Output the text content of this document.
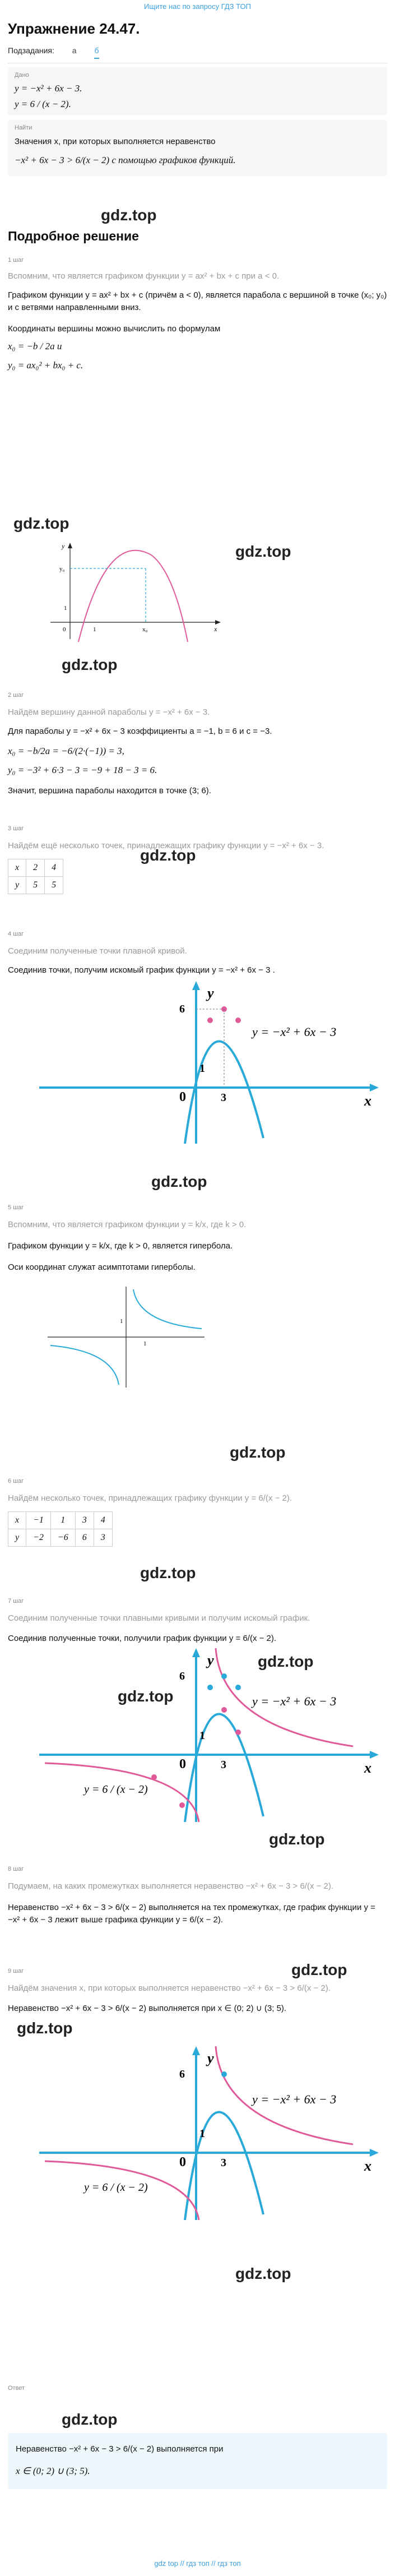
Ищите нас по запросу ГДЗ ТОП
Упражнение 24.47.
Подзадания: а б
Дано
y = −x² + 6x − 3.
y = 6 / (x − 2).
Найти
Значения x, при которых выполняется неравенство
−x² + 6x − 3 > 6/(x − 2) с помощью графиков функций.
gdz.top
Подробное решение
1 шаг
Вспомним, что является графиком функции y = ax² + bx + c при a < 0.
Графиком функции y = ax² + bx + c (причём a < 0), является парабола с вершиной в точке (x₀; y₀) и с ветвями направленными вниз.
Координаты вершины можно вычислить по формулам
x₀ = −b / 2a и
y₀ = ax₀² + bx₀ + c.
gdz.top
gdz.top
y
x
y₀
x₀
1
1
0
gdz.top
2 шаг
Найдём вершину данной параболы y = −x² + 6x − 3.
Для параболы y = −x² + 6x − 3 коэффициенты a = −1, b = 6 и c = −3.
x₀ = −b/2a = −6/(2·(−1)) = 3,
y₀ = −3² + 6·3 − 3 = −9 + 18 − 3 = 6.
Значит, вершина параболы находится в точке (3; 6).
3 шаг
Найдём ещё несколько точек, принадлежащих графику функции y = −x² + 6x − 3.
x	2	4
y	5	5
gdz.top
4 шаг
Соединим полученные точки плавной кривой.
Соединив точки, получим искомый график функции y = −x² + 6x − 3 .
y
x
6
1
3
0
y = −x² + 6x − 3
gdz.top
5 шаг
Вспомним, что является графиком функции y = k/x, где k > 0.
Графиком функции y = k/x, где k > 0, является гипербола.
Оси координат служат асимптотами гиперболы.
1
1
gdz.top
6 шаг
Найдём несколько точек, принадлежащих графику функции y = 6/(x − 2).
x	−1	1	3	4
y	−2	−6	6	3
gdz.top
7 шаг
Соединим полученные точки плавными кривыми и получим искомый график.
Соединив полученные точки, получили график функции y = 6/(x − 2).
y
x
6
1
3
0
y = −x² + 6x − 3
y = 6 / (x − 2)
gdz.top
gdz.top
gdz.top
8 шаг
Подумаем, на каких промежутках выполняется неравенство −x² + 6x − 3 > 6/(x − 2).
Неравенство −x² + 6x − 3 > 6/(x − 2) выполняется на тех промежутках, где график функции y = −x² + 6x − 3 лежит выше графика функции y = 6/(x − 2).
gdz.top
9 шаг
Найдём значения x, при которых выполняется неравенство −x² + 6x − 3 > 6/(x − 2).
Неравенство −x² + 6x − 3 > 6/(x − 2) выполняется при x ∈ (0; 2) ∪ (3; 5).
gdz.top
y
x
6
1
3
0
y = −x² + 6x − 3
y = 6 / (x − 2)
gdz.top
Ответ
gdz.top
Неравенство −x² + 6x − 3 > 6/(x − 2) выполняется при
x ∈ (0; 2) ∪ (3; 5).
gdz top // гдз топ // гдз топ
